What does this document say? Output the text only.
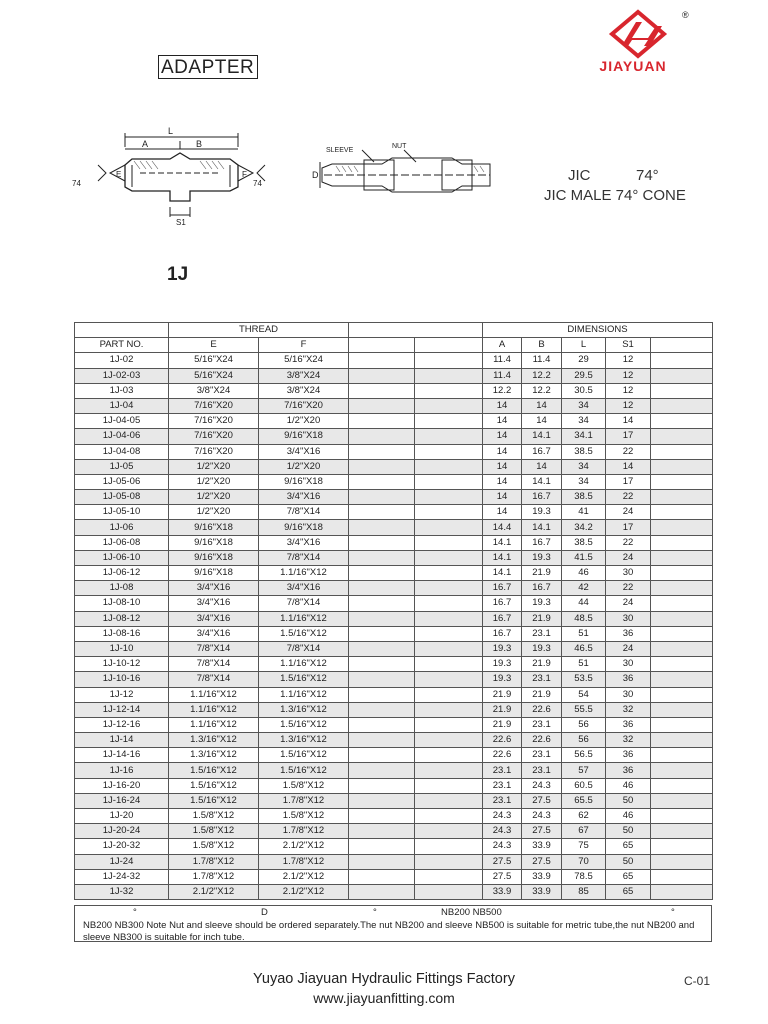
ADAPTER
®
JIAYUAN
L
A	B
E	F
S1
74	74
SLEEVE
NUT
D	JIC	74°
JIC MALE 74° CONE
1J
	THREAD				DIMENSIONS				
PART NO.	E	F			A	B	L	S1	
1J-02	5/16"X24	5/16"X24			11.4	11.4	29	12	
1J-02-03	5/16"X24	3/8"X24			11.4	12.2	29.5	12	
1J-03	3/8"X24	3/8"X24			12.2	12.2	30.5	12	
1J-04	7/16"X20	7/16"X20			14	14	34	12	
1J-04-05	7/16"X20	1/2"X20			14	14	34	14	
1J-04-06	7/16"X20	9/16"X18			14	14.1	34.1	17	
1J-04-08	7/16"X20	3/4"X16			14	16.7	38.5	22	
1J-05	1/2"X20	1/2"X20			14	14	34	14	
1J-05-06	1/2"X20	9/16"X18			14	14.1	34	17	
1J-05-08	1/2"X20	3/4"X16			14	16.7	38.5	22	
1J-05-10	1/2"X20	7/8"X14			14	19.3	41	24	
1J-06	9/16"X18	9/16"X18			14.4	14.1	34.2	17	
1J-06-08	9/16"X18	3/4"X16			14.1	16.7	38.5	22	
1J-06-10	9/16"X18	7/8"X14			14.1	19.3	41.5	24	
1J-06-12	9/16"X18	1.1/16"X12			14.1	21.9	46	30	
1J-08	3/4"X16	3/4"X16			16.7	16.7	42	22	
1J-08-10	3/4"X16	7/8"X14			16.7	19.3	44	24	
1J-08-12	3/4"X16	1.1/16"X12			16.7	21.9	48.5	30	
1J-08-16	3/4"X16	1.5/16"X12			16.7	23.1	51	36	
1J-10	7/8"X14	7/8"X14			19.3	19.3	46.5	24	
1J-10-12	7/8"X14	1.1/16"X12			19.3	21.9	51	30	
1J-10-16	7/8"X14	1.5/16"X12			19.3	23.1	53.5	36	
1J-12	1.1/16"X12	1.1/16"X12			21.9	21.9	54	30	
1J-12-14	1.1/16"X12	1.3/16"X12			21.9	22.6	55.5	32	
1J-12-16	1.1/16"X12	1.5/16"X12			21.9	23.1	56	36	
1J-14	1.3/16"X12	1.3/16"X12			22.6	22.6	56	32	
1J-14-16	1.3/16"X12	1.5/16"X12			22.6	23.1	56.5	36	
1J-16	1.5/16"X12	1.5/16"X12			23.1	23.1	57	36	
1J-16-20	1.5/16"X12	1.5/8"X12			23.1	24.3	60.5	46	
1J-16-24	1.5/16"X12	1.7/8"X12			23.1	27.5	65.5	50	
1J-20	1.5/8"X12	1.5/8"X12			24.3	24.3	62	46	
1J-20-24	1.5/8"X12	1.7/8"X12			24.3	27.5	67	50	
1J-20-32	1.5/8"X12	2.1/2"X12			24.3	33.9	75	65	
1J-24	1.7/8"X12	1.7/8"X12			27.5	27.5	70	50	
1J-24-32	1.7/8"X12	2.1/2"X12			27.5	33.9	78.5	65	
1J-32	2.1/2"X12	2.1/2"X12			33.9	33.9	85	65	
°	D	°	NB200 NB500	°
NB200 NB300 Note Nut and sleeve should be ordered separately.The nut NB200 and sleeve NB500 is suitable for metric tube,the nut NB200 and sleeve NB300 is suitable for inch tube.
Yuyao Jiayuan Hydraulic Fittings Factory
www.jiayuanfitting.com
C-01
